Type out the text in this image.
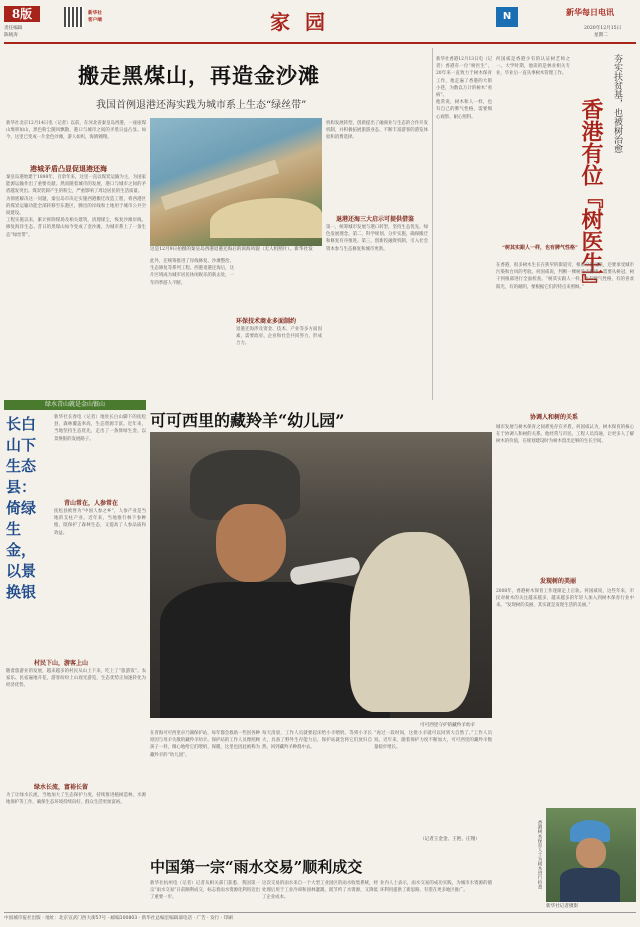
8版
责任编辑
陈统涛
新华社
客户端	家 园	N	新华每日电讯
2020年12月15日
星期二
搬走黑煤山，再造金沙滩
我国首例退港还海实践为城市系上生态“绿丝带”
新华社北京12月14日电（记者）以前，在河北省秦皇岛西港，一座座煤山堆积如山，黑色粉尘随风飘散，港口与城市之间的矛盾日益凸显。如今，这里已变成一片金色沙滩，游人如织，海鸥翱翔。
港城矛盾凸显促退港还海
秦皇岛港始建于1898年，百余年来，这里一直以煤炭运输为主，为国家能源运输作出了重要贡献。然而随着城市的发展，港口与城市之间的矛盾越发突出。煤炭装卸产生的粉尘，严重影响了周边居民的生活质量。
为彻底解决这一问题，秦皇岛市决定实施西港搬迁改造工程，将西港区的煤炭运输功能全部转移至东港区，腾出的岸线和土地用于城市公共空间建设。
工程实施以来，累计拆除煤场及相关建筑，清理煤尘，恢复沙滩岸线，修复海洋生态。昔日的黑煤山如今变成了金沙滩，为城市系上了一条生态“绿丝带”。
这是12月9日拍摄的秦皇岛西港退港还海后的滨海风貌（无人机照片）。新华社发
此外，还统筹推进了岸线修复、沙滩整治、生态修复等系列工程。西港退港还海后，这片区域成为城市居民休闲娱乐的新去处，一年四季游人不断。
环保技术商业多面制约
退港还海涉及资金、技术、产业等多方面因素，需要政府、企业和社会共同努力，形成合力。
机构发展转型，创新提出了融商业与生态的合作开发机制，并积极拓展旅游业态，不断丰富游客的游览体验和消费选择。
退港还海三大启示可提供借鉴
第一，统筹城市发展与港口转型，坚持生态优先、绿色发展理念。第二，科学规划、分步实施，确保搬迁和修复有序推进。第三，创新投融资机制，引入社会资本参与生态修复和城市更新。
新华社香港12月13日电（记者）香港有一位“树医生”，20年来一直致力于树木保育工作，他走遍了香港的大街小巷，为数以万计的树木“看病”。
他常说，树木和人一样，也有自己的脾气性格，需要细心观察、耐心照料。	夯实扶贫基，也被树治愈
香港有位『树医生』
何国威是香港少有的认证树艺师之一。大学时期，他读的是林业相关专业，毕业后一直从事树木管理工作。
“树其实跟人一样，也有脾气性格”
在香港，很多树木生长在狭窄的街道旁，根部空间受限，还要承受城市污染和台风的考验。何国威说，判断一棵树是否健康，需要从树冠、树干到根部进行全面检查。“树其实跟人一样，也有脾气性格，有的喜欢阳光，有的耐阴，要根据它们的特点来照顾。”
协调人和树的关系
城市发展与树木保育之间难免存在矛盾。何国威认为，树木保育的核心在于协调人和树的关系。他经常与市民、工程人员沟通，让更多人了解树木的价值，在规划建设时为树木留出足够的生长空间。
发现树的美丽
2008年，香港树木保育工作逐渐走上正轨。何国威说，这些年来，市民对树木的关注越来越多，越来越多的年轻人加入到树木保育行业中来。“发现树的美丽，其实就是发现生活的美丽。”
绿水青山就是金山银山
长白山下生态县：倚绿生金，以景换银
新华社长春电（记者）地处长白山脚下的抚松县，森林覆盖率高，生态资源丰富。近年来，当地坚持生态优先，走出了一条倚绿生金、以景换银的发展路子。
青山常在，人参常在
抚松县被誉为“中国人参之乡”，人参产业是当地的支柱产业。近年来，当地推行林下参种植，既保护了森林生态，又提高了人参品质和效益。
村民下山，游客上山
随着旅游业的发展，越来越多的村民从山上下来，吃上了“旅游饭”。农家乐、民宿遍地开花，游客纷纷上山观光游览，生态优势正加速转化为经济优势。
绿水长流，富裕长留
为了让绿水长流，当地加大了生态保护力度，持续推进植树造林，水源地保护等工作，确保生态环境持续向好，群众生活更加富裕。
可可西里的藏羚羊“幼儿园”
可可西里守护的藏羚羊幼羊
在青海可可西里卓乃湖保护站，每年都会救助一些因各种原因与母羊失散的藏羚羊幼羊。保护站的工作人员像照顾孩子一样，细心地给它们喂奶、保暖，这里也因此被称为藏羚羊的“幼儿园”。
每天清晨，工作人员就要起床给小羊喂奶。等到小羊长大，具备了野外生存能力后，保护站就会将它们放归自然，回到藏羚羊种群中去。
“再过一段时间，这批小羊就可以回到大自然了。”工作人员说。近年来，随着保护力度不断加大，可可西里的藏羚羊数量稳步增长。
（记者王金金、王艳、庄翔）
中国第一宗“雨水交易”顺利成交
新华社杭州电（记者）记者从相关部门获悉，我国第一宗“雨水交易”日前顺利成交，标志着雨水资源化利用迈出了重要一步。
这次交易的雨水来自一个大型工业园区的雨水收集系统，经处理后用于工业冷却和园林灌溉，既节约了水资源，又降低了企业成本。
业内人士表示，雨水交易的成功实践，为城市水资源的循环利用提供了新思路，有望在更多地区推广。
香港树木保育人士为树木进行检查
新华社记者摄影
中国城市报社出版 · 地址：北京宣武门西大街57号 · 邮编100803 · 新华社总编室编辑部电话 · 广告 · 发行 · 印刷
